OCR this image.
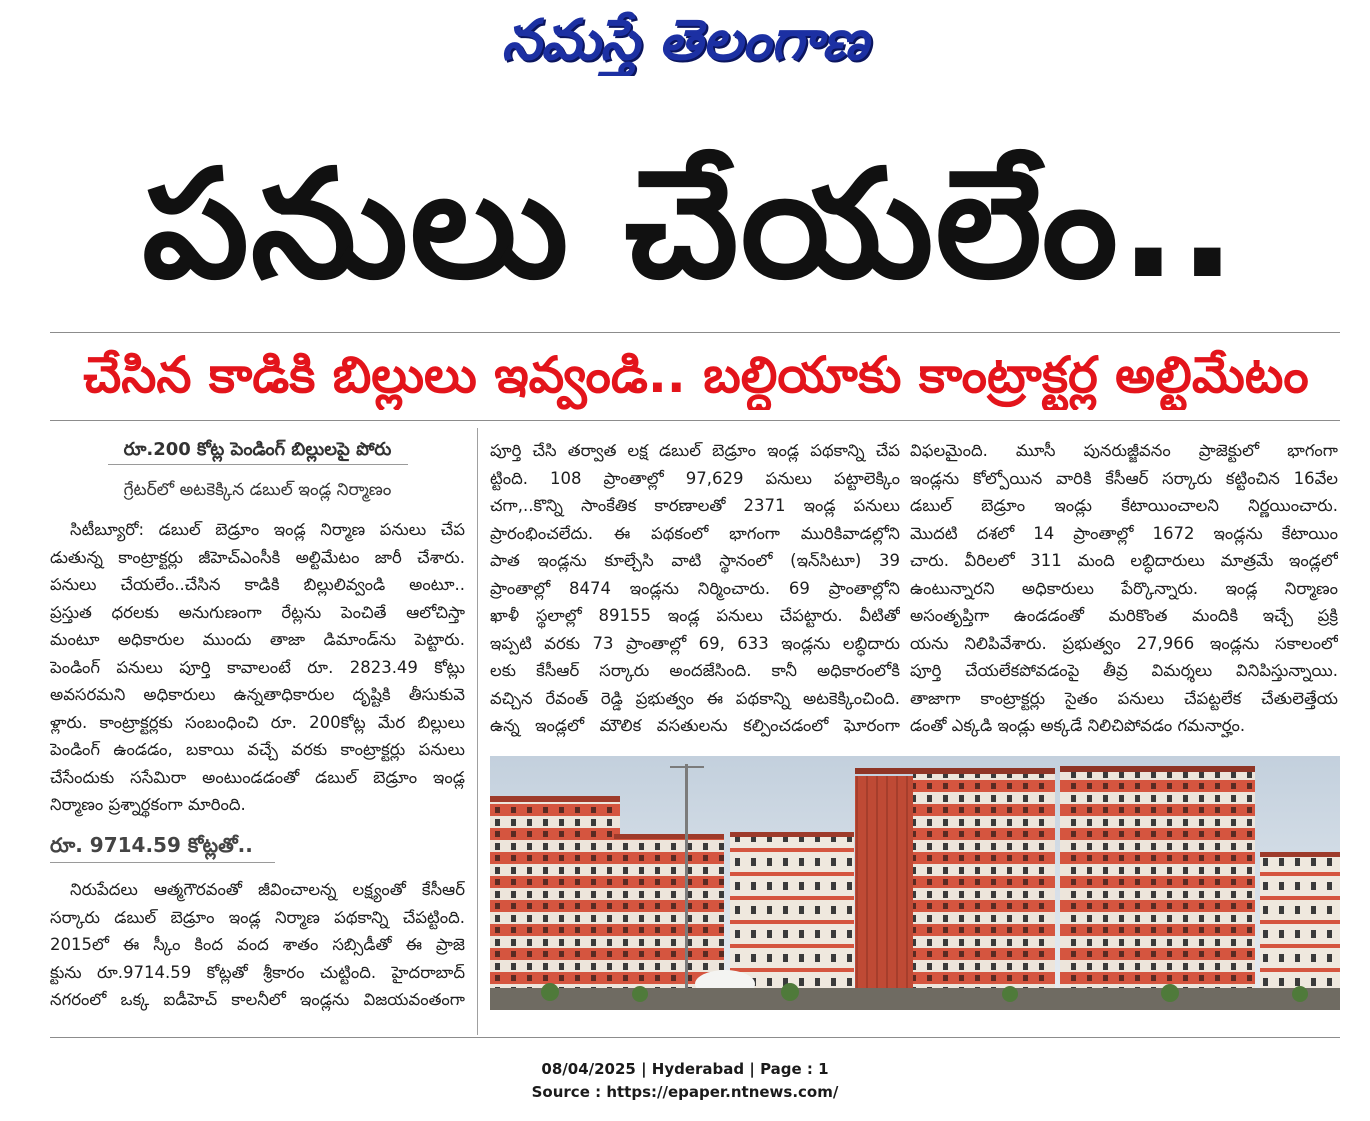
నమస్తే తెలంగాణ
పనులు చేయలేం..
చేసిన కాడికి బిల్లులు ఇవ్వండి.. బల్దియాకు కాంట్రాక్టర్ల అల్టిమేటం
రూ.200 కోట్ల పెండింగ్ బిల్లులపై పోరు
గ్రేటర్‌లో అటకెక్కిన డబుల్ ఇండ్ల నిర్మాణం
సిటీబ్యూరో: డబుల్ బెడ్రూం ఇండ్ల నిర్మాణ పనులు చేప
డుతున్న కాంట్రాక్టర్లు జీహెచ్ఎంసీకి అల్టిమేటం జారీ చేశారు.
పనులు చేయలేం..చేసిన కాడికి బిల్లులివ్వండి అంటూ..
ప్రస్తుత ధరలకు అనుగుణంగా రేట్లను పెంచితే ఆలోచిస్తా
మంటూ అధికారుల ముందు తాజా డిమాండ్‌ను పెట్టారు.
పెండింగ్ పనులు పూర్తి కావాలంటే రూ. 2823.49 కోట్లు
అవసరమని అధికారులు ఉన్నతాధికారుల దృష్టికి తీసుకువె
ళ్లారు. కాంట్రాక్టర్లకు సంబంధించి రూ. 200కోట్ల మేర బిల్లులు
పెండింగ్ ఉండడం, బకాయి వచ్చే వరకు కాంట్రాక్టర్లు పనులు
చేసేందుకు ససేమిరా అంటుండడంతో డబుల్ బెడ్రూం ఇండ్ల
నిర్మాణం ప్రశ్నార్థకంగా మారింది.
రూ. 9714.59 కోట్లతో..
నిరుపేదలు ఆత్మగౌరవంతో జీవించాలన్న లక్ష్యంతో కేసీఆర్
సర్కారు డబుల్ బెడ్రూం ఇండ్ల నిర్మాణ పథకాన్ని చేపట్టింది.
2015లో ఈ స్కీం కింద వంద శాతం సబ్సిడీతో ఈ ప్రాజె
క్టును రూ.9714.59 కోట్లతో శ్రీకారం చుట్టింది. హైదరాబాద్
నగరంలో ఒక్క ఐడీహెచ్ కాలనీలో ఇండ్లను విజయవంతంగా
పూర్తి చేసి తర్వాత లక్ష డబుల్ బెడ్రూం ఇండ్ల పథకాన్ని చేప
ట్టింది. 108 ప్రాంతాల్లో 97,629 పనులు పట్టాలెక్కిం
చగా,..కొన్ని సాంకేతిక కారణాలతో 2371 ఇండ్ల పనులు
ప్రారంభించలేదు. ఈ పథకంలో భాగంగా మురికివాడల్లోని
పాత ఇండ్లను కూల్చేసి వాటి స్థానంలో (ఇన్‌సిటూ) 39
ప్రాంతాల్లో 8474 ఇండ్లను నిర్మించారు. 69 ప్రాంతాల్లోని
ఖాళీ స్థలాల్లో 89155 ఇండ్ల పనులు చేపట్టారు. వీటితో
ఇప్పటి వరకు 73 ప్రాంతాల్లో 69, 633 ఇండ్లను లబ్ధిదారు
లకు కేసీఆర్ సర్కారు అందజేసింది. కానీ అధికారంలోకి
వచ్చిన రేవంత్ రెడ్డి ప్రభుత్వం ఈ పథకాన్ని అటకెక్కించింది.
ఉన్న ఇండ్లలో మౌలిక వసతులను కల్పించడంలో ఘోరంగా
విఫలమైంది. మూసీ పునరుజ్జీవనం ప్రాజెక్టులో భాగంగా
ఇండ్లను కోల్పోయిన వారికి కేసీఆర్ సర్కారు కట్టించిన 16వేల
డబుల్ బెడ్రూం ఇండ్లు కేటాయించాలని నిర్ణయించారు.
మొదటి దశలో 14 ప్రాంతాల్లో 1672 ఇండ్లను కేటాయిం
చారు. వీరిలలో 311 మంది లబ్ధిదారులు మాత్రమే ఇండ్లలో
ఉంటున్నారని అధికారులు పేర్కొన్నారు. ఇండ్ల నిర్మాణం
అసంతృప్తిగా ఉండడంతో మరికొంత మందికి ఇచ్చే ప్రక్రి
యను నిలిపివేశారు. ప్రభుత్వం 27,966 ఇండ్లను సకాలంలో
పూర్తి చేయలేకపోవడంపై తీవ్ర విమర్శలు వినిపిస్తున్నాయి.
తాజాగా కాంట్రాక్టర్లు సైతం పనులు చేపట్టలేక చేతులెత్తేయ
డంతో ఎక్కడి ఇండ్లు అక్కడే నిలిచిపోవడం గమనార్హం.
08/04/2025 | Hyderabad | Page : 1
Source : https://epaper.ntnews.com/
